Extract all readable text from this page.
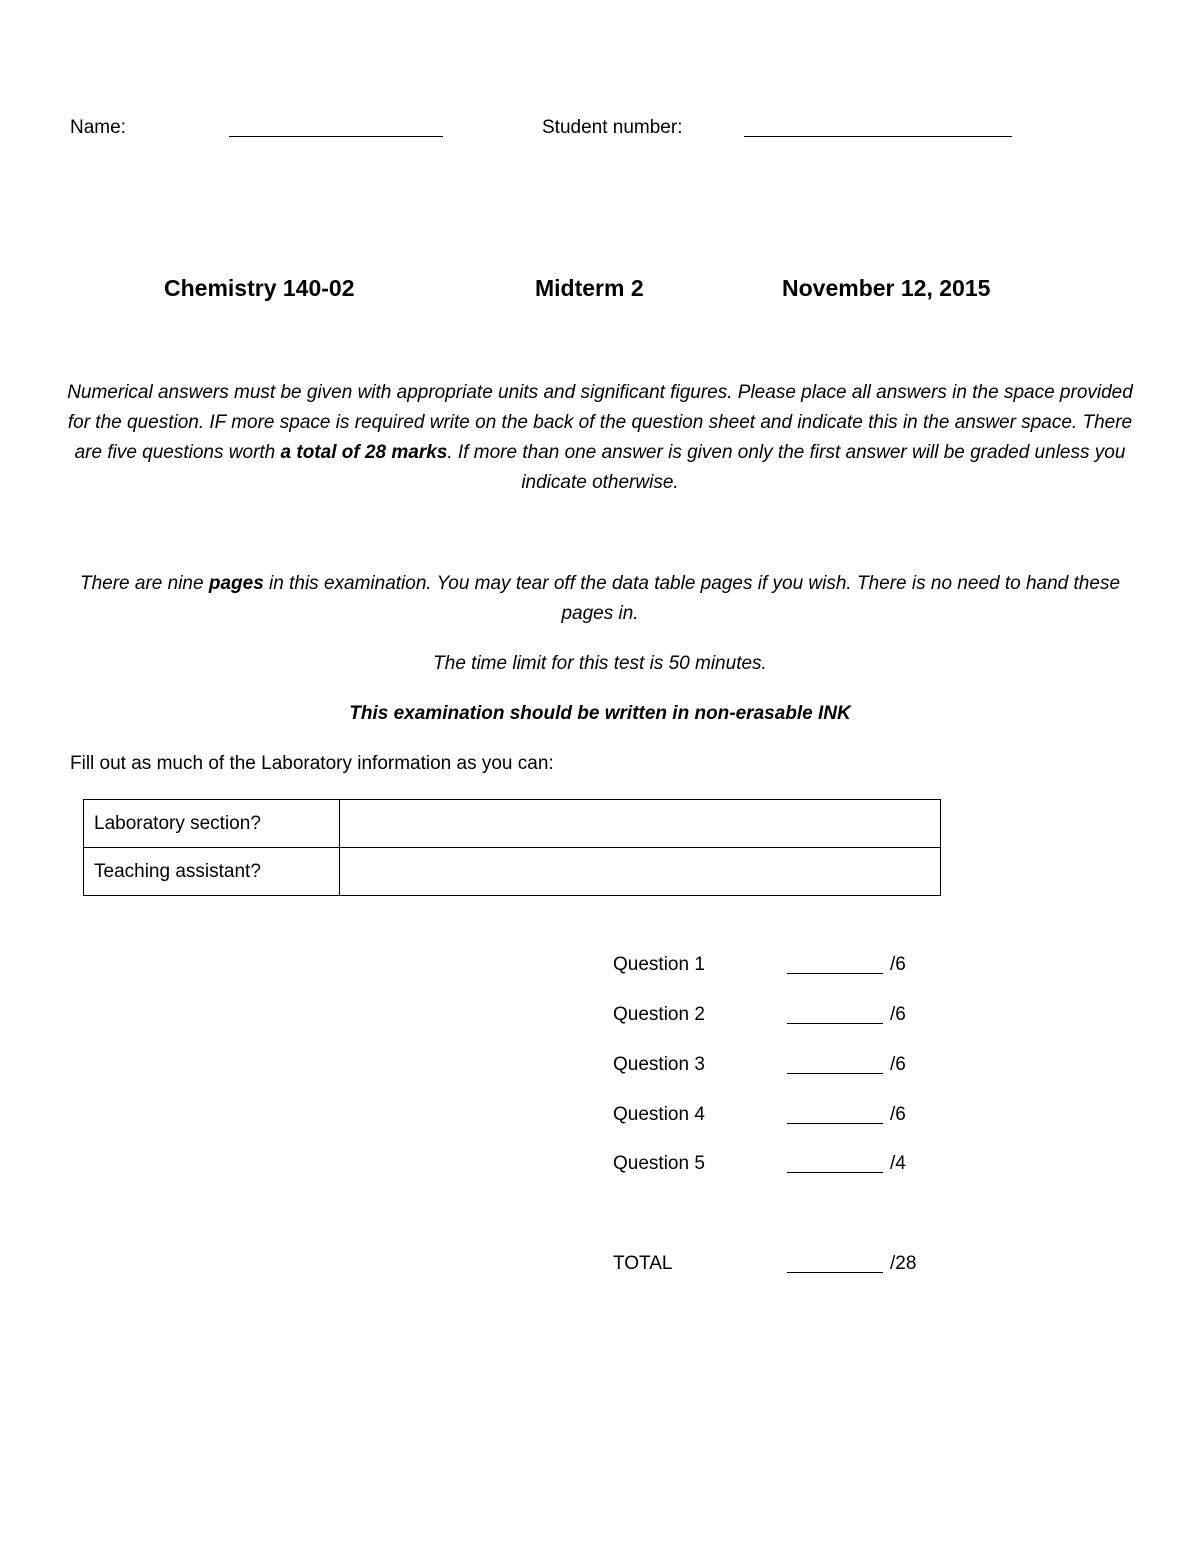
Name:	Student number:
Chemistry 140-02	Midterm 2	November 12, 2015
Numerical answers must be given with appropriate units and significant figures. Please place all answers in the space provided for the question. IF more space is required write on the back of the question sheet and indicate this in the answer space. There are five questions worth a total of 28 marks. If more than one answer is given only the first answer will be graded unless you indicate otherwise.
There are nine pages in this examination. You may tear off the data table pages if you wish. There is no need to hand these pages in.
The time limit for this test is 50 minutes.
This examination should be written in non-erasable INK
Fill out as much of the Laboratory information as you can:
Laboratory section?	
Teaching assistant?	
Question 1	/6
Question 2	/6
Question 3	/6
Question 4	/6
Question 5	/4
TOTAL	/28
